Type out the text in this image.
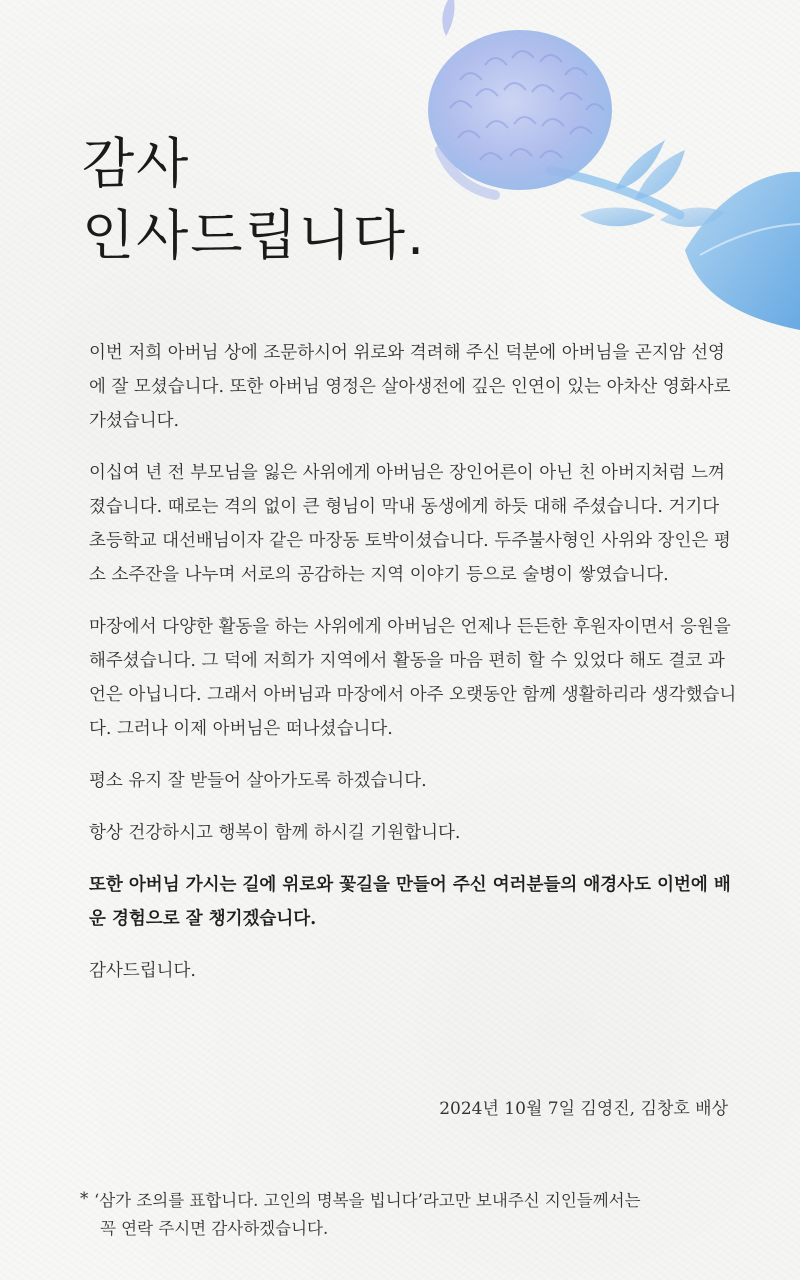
감사
인사드립니다.

이번 저희 아버님 상에 조문하시어 위로와 격려해 주신 덕분에 아버님을 곤지암 선영에 잘 모셨습니다. 또한 아버님 영정은 살아생전에 깊은 인연이 있는 아차산 영화사로 가셨습니다.

이십여 년 전 부모님을 잃은 사위에게 아버님은 장인어른이 아닌 친 아버지처럼 느껴졌습니다. 때로는 격의 없이 큰 형님이 막내 동생에게 하듯 대해 주셨습니다. 거기다 초등학교 대선배님이자 같은 마장동 토박이셨습니다. 두주불사형인 사위와 장인은 평소 소주잔을 나누며 서로의 공감하는 지역 이야기 등으로 술병이 쌓였습니다.

마장에서 다양한 활동을 하는 사위에게 아버님은 언제나 든든한 후원자이면서 응원을 해주셨습니다. 그 덕에 저희가 지역에서 활동을 마음 편히 할 수 있었다 해도 결코 과언은 아닙니다. 그래서 아버님과 마장에서 아주 오랫동안 함께 생활하리라 생각했습니다. 그러나 이제 아버님은 떠나셨습니다.

평소 유지 잘 받들어 살아가도록 하겠습니다.

항상 건강하시고 행복이 함께 하시길 기원합니다.

또한 아버님 가시는 길에 위로와 꽃길을 만들어 주신 여러분들의 애경사도 이번에 배운 경험으로 잘 챙기겠습니다.

감사드립니다.

2024년 10월 7일 김영진, 김창호 배상
* ‘삼가 조의를 표합니다. 고인의 명복을 빕니다’라고만 보내주신 지인들께서는
꼭 연락 주시면 감사하겠습니다.
